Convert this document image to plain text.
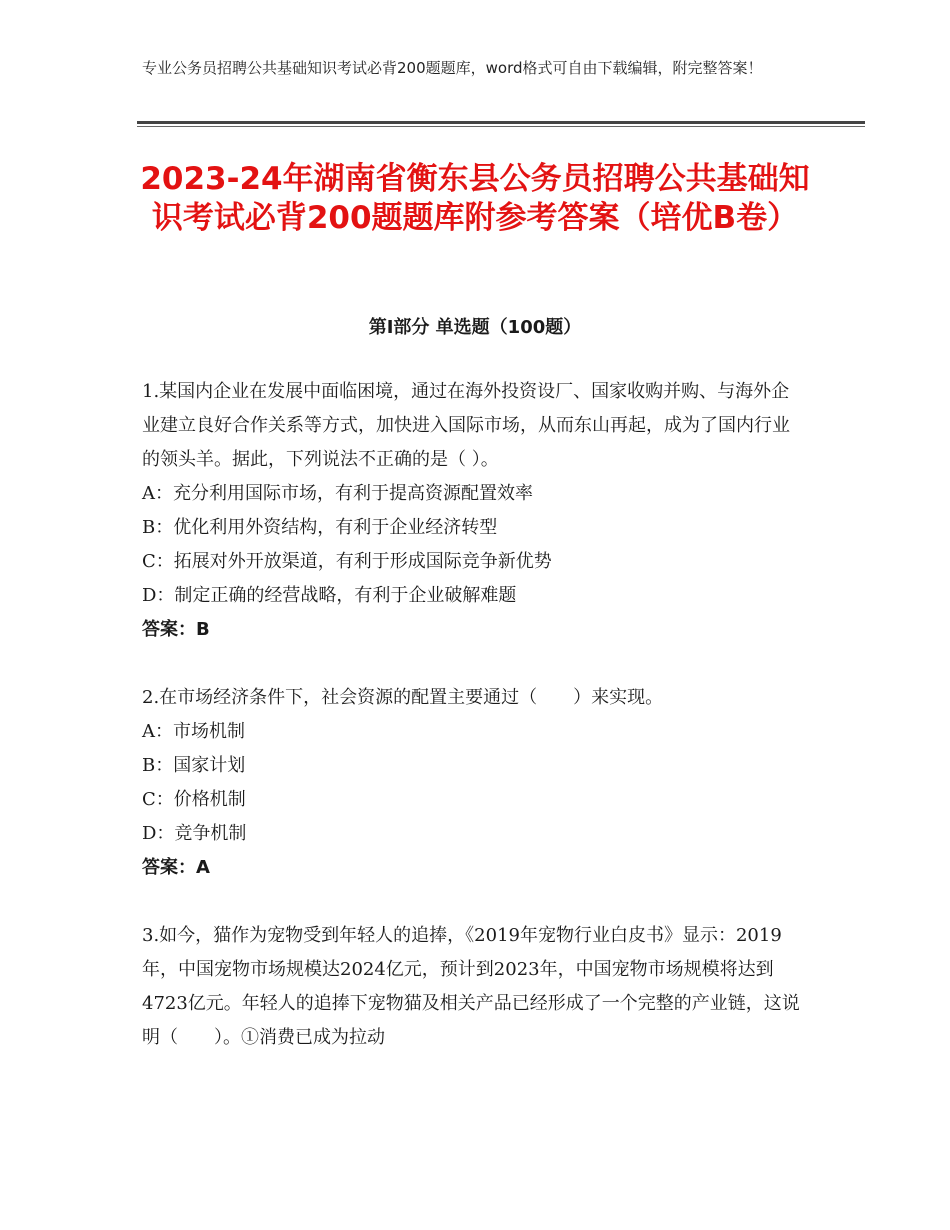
专业公务员招聘公共基础知识考试必背200题题库，word格式可自由下载编辑，附完整答案！
2023-24年湖南省衡东县公务员招聘公共基础知识考试必背200题题库附参考答案（培优B卷）
第Ⅰ部分 单选题（100题）

1.某国内企业在发展中面临困境，通过在海外投资设厂、国家收购并购、与海外企业建立良好合作关系等方式，加快进入国际市场，从而东山再起，成为了国内行业的领头羊。据此，下列说法不正确的是（ ）。

A：充分利用国际市场，有利于提高资源配置效率

B：优化利用外资结构，有利于企业经济转型

C：拓展对外开放渠道，有利于形成国际竞争新优势

D：制定正确的经营战略，有利于企业破解难题

答案：B

2.在市场经济条件下，社会资源的配置主要通过（　　）来实现。

A：市场机制

B：国家计划

C：价格机制

D：竞争机制

答案：A

3.如今，猫作为宠物受到年轻人的追捧，《2019年宠物行业白皮书》显示：2019年，中国宠物市场规模达2024亿元，预计到2023年，中国宠物市场规模将达到4723亿元。年轻人的追捧下宠物猫及相关产品已经形成了一个完整的产业链，这说明（　　）。①消费已成为拉动
